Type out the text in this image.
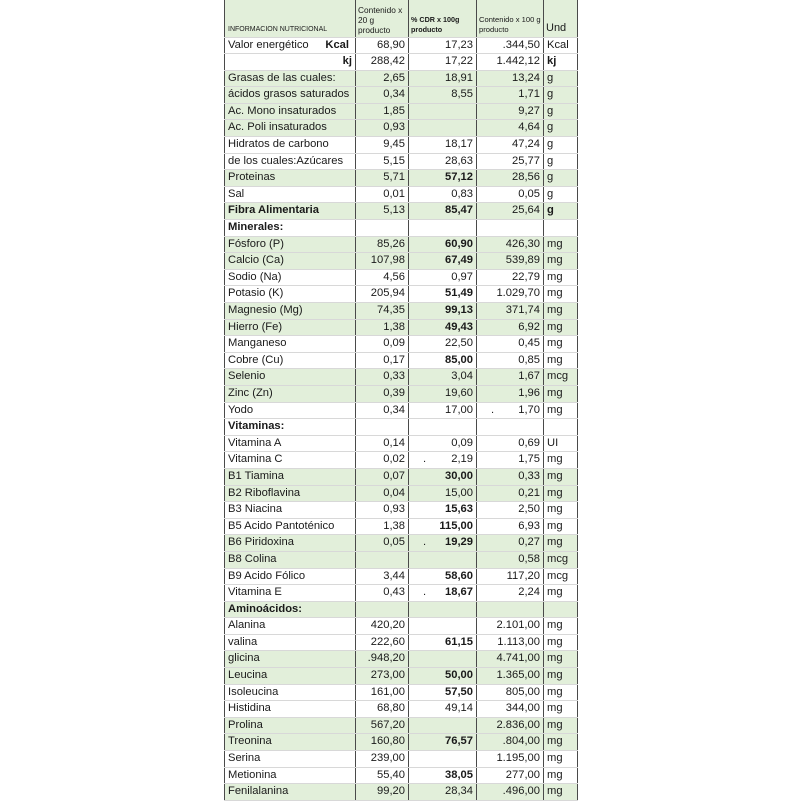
INFORMACION NUTRICIONAL	Contenido x 20 g producto	% CDR x 100g producto	Contenido x 100 g producto	Und
Valor energético Kcal	68,90	17,23	.344,50	Kcal
kj	288,42	17,22	1.442,12	kj
Grasas de las cuales:	2,65	18,91	13,24	g
ácidos grasos saturados	0,34	8,55	1,71	g
Ac. Mono insaturados	1,85		9,27	g
Ac. Poli insaturados	0,93		4,64	g
Hidratos de carbono	9,45	18,17	47,24	g
de los cuales:Azúcares	5,15	28,63	25,77	g
Proteinas	5,71	57,12	28,56	g
Sal	0,01	0,83	0,05	g
Fibra Alimentaria	5,13	85,47	25,64	g
Minerales:				
Fósforo (P)	85,26	60,90	426,30	mg
Calcio (Ca)	107,98	67,49	539,89	mg
Sodio (Na)	4,56	0,97	22,79	mg
Potasio (K)	205,94	51,49	1.029,70	mg
Magnesio (Mg)	74,35	99,13	371,74	mg
Hierro (Fe)	1,38	49,43	6,92	mg
Manganeso	0,09	22,50	0,45	mg
Cobre (Cu)	0,17	85,00	0,85	mg
Selenio	0,33	3,04	1,67	mcg
Zinc (Zn)	0,39	19,60	1,96	mg
Yodo	0,34	17,00	. 1,70	mg
Vitaminas:				
Vitamina A	0,14	0,09	0,69	UI
Vitamina C	0,02	. 2,19	1,75	mg
B1 Tiamina	0,07	30,00	0,33	mg
B2 Riboflavina	0,04	15,00	0,21	mg
B3 Niacina	0,93	15,63	2,50	mg
B5 Acido Pantoténico	1,38	115,00	6,93	mg
B6 Piridoxina	0,05	. 19,29	0,27	mg
B8 Colina			0,58	mcg
B9 Acido Fólico	3,44	58,60	117,20	mcg
Vitamina E	0,43	. 18,67	2,24	mg
Aminoácidos:				
Alanina	420,20		2.101,00	mg
valina	222,60	61,15	1.113,00	mg
glicina	.948,20		4.741,00	mg
Leucina	273,00	50,00	1.365,00	mg
Isoleucina	161,00	57,50	805,00	mg
Histidina	68,80	49,14	344,00	mg
Prolina	567,20		2.836,00	mg
Treonina	160,80	76,57	.804,00	mg
Serina	239,00		1.195,00	mg
Metionina	55,40	38,05	277,00	mg
Fenilalanina	99,20	28,34	.496,00	mg
